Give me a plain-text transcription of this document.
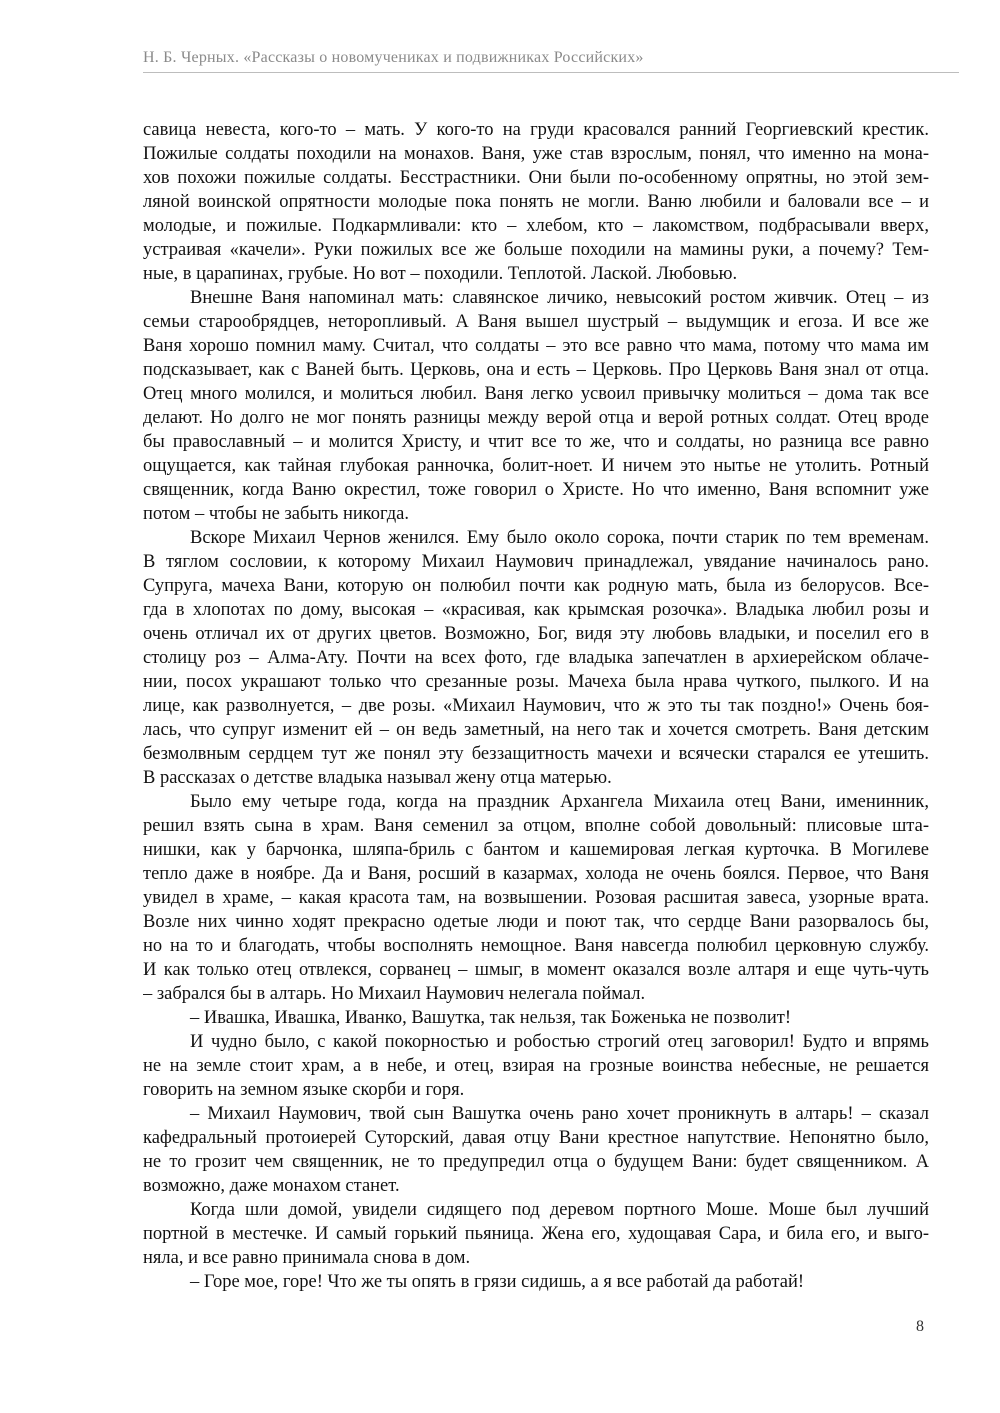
Н. Б. Черных. «Рассказы о новомучениках и подвижниках Российских»
савица невеста, кого-то – мать. У кого-то на груди красовался ранний Георгиевский крестик.
Пожилые солдаты походили на монахов. Ваня, уже став взрослым, понял, что именно на мона-
хов похожи пожилые солдаты. Бесстрастники. Они были по-особенному опрятны, но этой зем-
ляной воинской опрятности молодые пока понять не могли. Ваню любили и баловали все – и
молодые, и пожилые. Подкармливали: кто – хлебом, кто – лакомством, подбрасывали вверх,
устраивая «качели». Руки пожилых все же больше походили на мамины руки, а почему? Тем-
ные, в царапинах, грубые. Но вот – походили. Теплотой. Лаской. Любовью.
Внешне Ваня напоминал мать: славянское личико, невысокий ростом живчик. Отец – из
семьи старообрядцев, неторопливый. А Ваня вышел шустрый – выдумщик и егоза. И все же
Ваня хорошо помнил маму. Считал, что солдаты – это все равно что мама, потому что мама им
подсказывает, как с Ваней быть. Церковь, она и есть – Церковь. Про Церковь Ваня знал от отца.
Отец много молился, и молиться любил. Ваня легко усвоил привычку молиться – дома так все
делают. Но долго не мог понять разницы между верой отца и верой ротных солдат. Отец вроде
бы православный – и молится Христу, и чтит все то же, что и солдаты, но разница все равно
ощущается, как тайная глубокая ранночка, болит-ноет. И ничем это нытье не утолить. Ротный
священник, когда Ваню окрестил, тоже говорил о Христе. Но что именно, Ваня вспомнит уже
потом – чтобы не забыть никогда.
Вскоре Михаил Чернов женился. Ему было около сорока, почти старик по тем временам.
В тяглом сословии, к которому Михаил Наумович принадлежал, увядание начиналось рано.
Супруга, мачеха Вани, которую он полюбил почти как родную мать, была из белорусов. Все-
гда в хлопотах по дому, высокая – «красивая, как крымская розочка». Владыка любил розы и
очень отличал их от других цветов. Возможно, Бог, видя эту любовь владыки, и поселил его в
столицу роз – Алма-Ату. Почти на всех фото, где владыка запечатлен в архиерейском облаче-
нии, посох украшают только что срезанные розы. Мачеха была нрава чуткого, пылкого. И на
лице, как разволнуется, – две розы. «Михаил Наумович, что ж это ты так поздно!» Очень боя-
лась, что супруг изменит ей – он ведь заметный, на него так и хочется смотреть. Ваня детским
безмолвным сердцем тут же понял эту беззащитность мачехи и всячески старался ее утешить.
В рассказах о детстве владыка называл жену отца матерью.
Было ему четыре года, когда на праздник Архангела Михаила отец Вани, именинник,
решил взять сына в храм. Ваня семенил за отцом, вполне собой довольный: плисовые шта-
нишки, как у барчонка, шляпа-бриль с бантом и кашемировая легкая курточка. В Могилеве
тепло даже в ноябре. Да и Ваня, росший в казармах, холода не очень боялся. Первое, что Ваня
увидел в храме, – какая красота там, на возвышении. Розовая расшитая завеса, узорные врата.
Возле них чинно ходят прекрасно одетые люди и поют так, что сердце Вани разорвалось бы,
но на то и благодать, чтобы восполнять немощное. Ваня навсегда полюбил церковную службу.
И как только отец отвлекся, сорванец – шмыг, в момент оказался возле алтаря и еще чуть-чуть
– забрался бы в алтарь. Но Михаил Наумович нелегала поймал.
– Ивашка, Ивашка, Иванко, Вашутка, так нельзя, так Боженька не позволит!
И чудно было, с какой покорностью и робостью строгий отец заговорил! Будто и впрямь
не на земле стоит храм, а в небе, и отец, взирая на грозные воинства небесные, не решается
говорить на земном языке скорби и горя.
– Михаил Наумович, твой сын Вашутка очень рано хочет проникнуть в алтарь! – сказал
кафедральный протоиерей Суторский, давая отцу Вани крестное напутствие. Непонятно было,
не то грозит чем священник, не то предупредил отца о будущем Вани: будет священником. А
возможно, даже монахом станет.
Когда шли домой, увидели сидящего под деревом портного Моше. Моше был лучший
портной в местечке. И самый горький пьяница. Жена его, худощавая Сара, и била его, и выго-
няла, и все равно принимала снова в дом.
– Горе мое, горе! Что же ты опять в грязи сидишь, а я все работай да работай!
8
